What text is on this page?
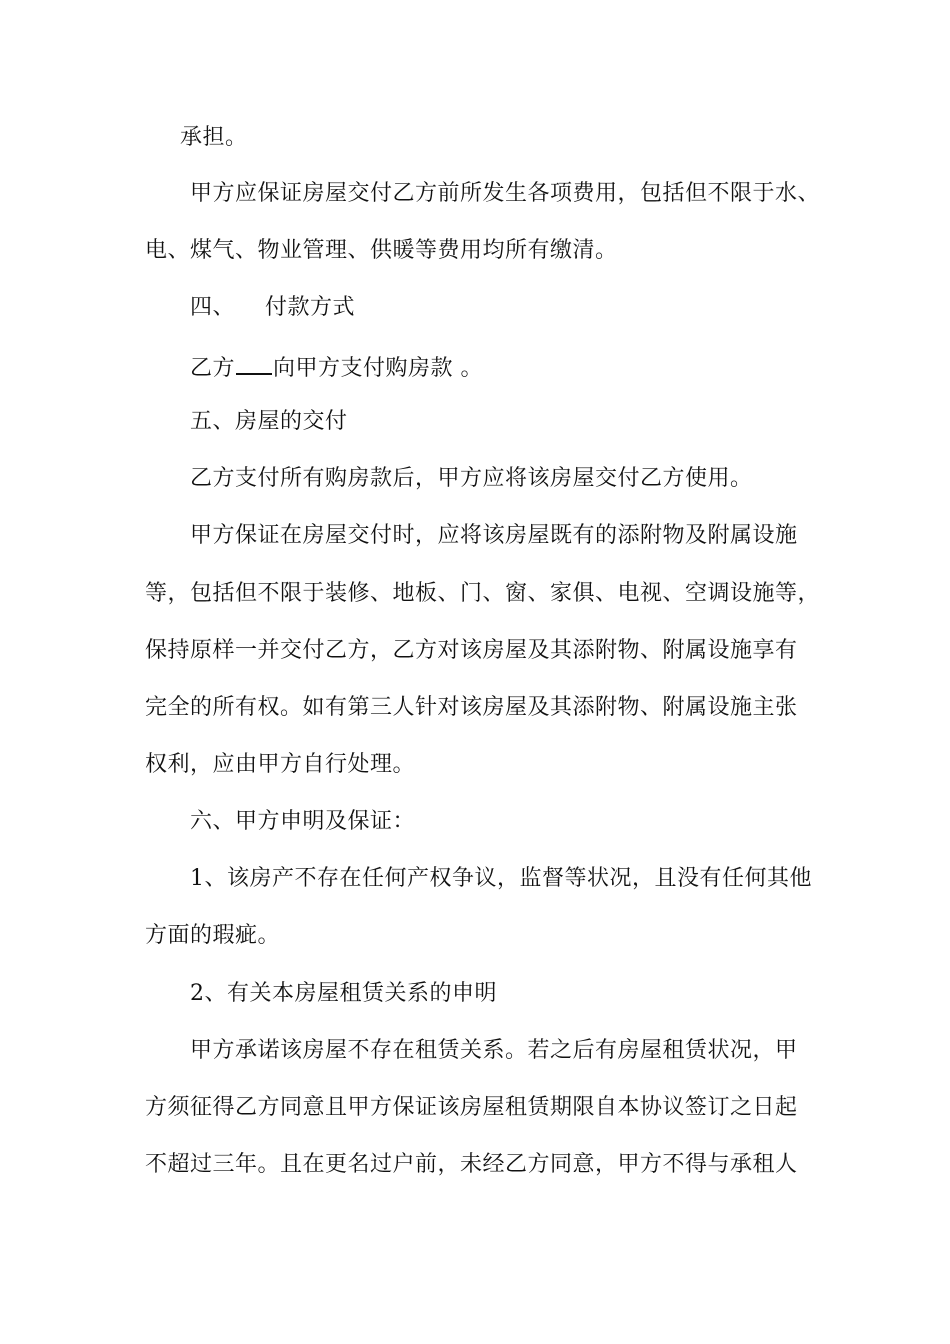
承担。
甲方应保证房屋交付乙方前所发生各项费用，包括但不限于水、
电、煤气、物业管理、供暖等费用均所有缴清。
四、 付款方式
乙方 向甲方支付购房款 。
五、房屋的交付
乙方支付所有购房款后，甲方应将该房屋交付乙方使用。
甲方保证在房屋交付时，应将该房屋既有的添附物及附属设施
等，包括但不限于装修、地板、门、窗、家俱、电视、空调设施等，
保持原样一并交付乙方，乙方对该房屋及其添附物、附属设施享有
完全的所有权。如有第三人针对该房屋及其添附物、附属设施主张
权利，应由甲方自行处理。
六、甲方申明及保证：
1、该房产不存在任何产权争议，监督等状况，且没有任何其他
方面的瑕疵。
2、有关本房屋租赁关系的申明
甲方承诺该房屋不存在租赁关系。若之后有房屋租赁状况，甲
方须征得乙方同意且甲方保证该房屋租赁期限自本协议签订之日起
不超过三年。且在更名过户前，未经乙方同意，甲方不得与承租人
